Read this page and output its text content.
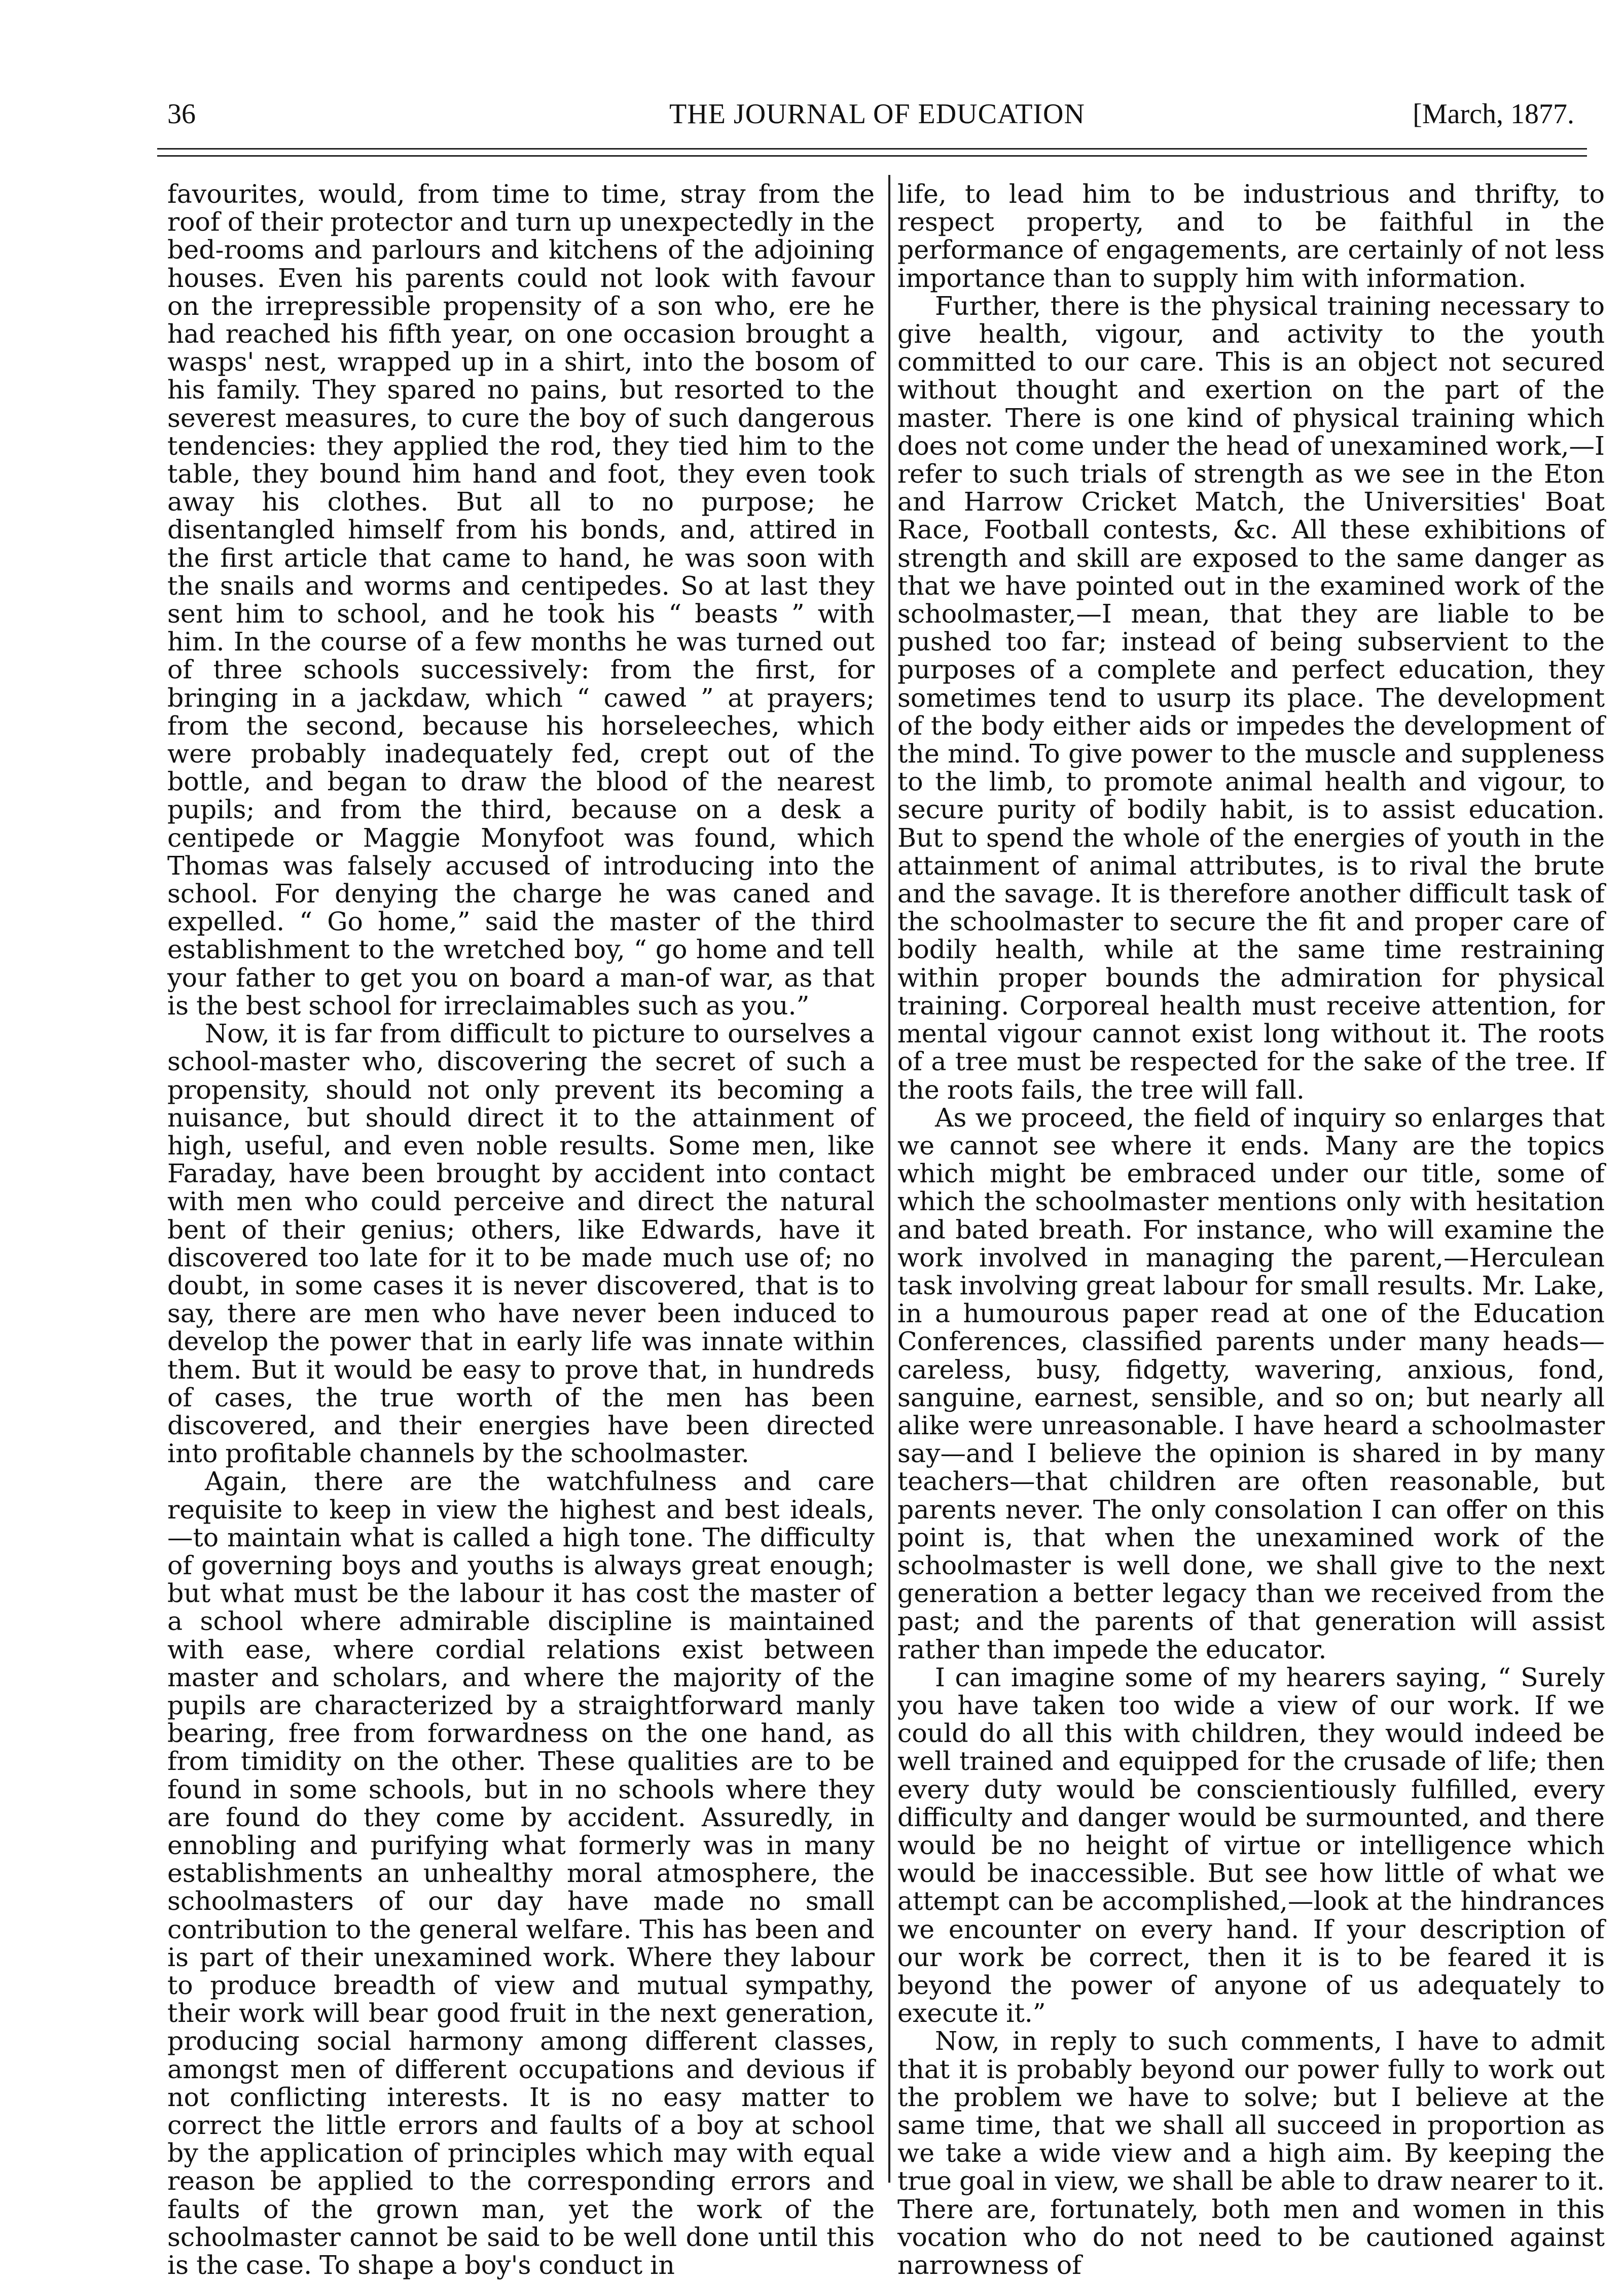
36	THE JOURNAL OF EDUCATION	[March, 1877.

favourites, would, from time to time, stray from the roof of their protector and turn up unexpectedly in the bed-rooms and parlours and kitchens of the adjoining houses. Even his parents could not look with favour on the irrepressible propensity of a son who, ere he had reached his fifth year, on one occasion brought a wasps' nest, wrapped up in a shirt, into the bosom of his family. They spared no pains, but resorted to the severest measures, to cure the boy of such dangerous tendencies: they applied the rod, they tied him to the table, they bound him hand and foot, they even took away his clothes. But all to no purpose; he disentangled himself from his bonds, and, attired in the first article that came to hand, he was soon with the snails and worms and centipedes. So at last they sent him to school, and he took his “ beasts ” with him. In the course of a few months he was turned out of three schools successively: from the first, for bringing in a jackdaw, which “ cawed ” at prayers; from the second, because his horseleeches, which were probably inadequately fed, crept out of the bottle, and began to draw the blood of the nearest pupils; and from the third, because on a desk a centipede or Maggie Monyfoot was found, which Thomas was falsely accused of introducing into the school. For denying the charge he was caned and expelled. “ Go home,” said the master of the third establishment to the wretched boy, “ go home and tell your father to get you on board a man-of war, as that is the best school for irreclaimables such as you.”

Now, it is far from difficult to picture to ourselves a school-master who, discovering the secret of such a propensity, should not only prevent its becoming a nuisance, but should direct it to the attainment of high, useful, and even noble results. Some men, like Faraday, have been brought by accident into contact with men who could perceive and direct the natural bent of their genius; others, like Edwards, have it discovered too late for it to be made much use of; no doubt, in some cases it is never discovered, that is to say, there are men who have never been induced to develop the power that in early life was innate within them. But it would be easy to prove that, in hundreds of cases, the true worth of the men has been discovered, and their energies have been directed into profitable channels by the schoolmaster.

Again, there are the watchfulness and care requisite to keep in view the highest and best ideals,—to maintain what is called a high tone. The difficulty of governing boys and youths is always great enough; but what must be the labour it has cost the master of a school where admirable discipline is maintained with ease, where cordial relations exist between master and scholars, and where the majority of the pupils are characterized by a straightforward manly bearing, free from forwardness on the one hand, as from timidity on the other. These qualities are to be found in some schools, but in no schools where they are found do they come by accident. Assuredly, in ennobling and purifying what formerly was in many establishments an unhealthy moral atmosphere, the schoolmasters of our day have made no small contribution to the general welfare. This has been and is part of their unexamined work. Where they labour to produce breadth of view and mutual sympathy, their work will bear good fruit in the next generation, producing social harmony among different classes, amongst men of different occupations and devious if not conflicting interests. It is no easy matter to correct the little errors and faults of a boy at school by the application of principles which may with equal reason be applied to the corresponding errors and faults of the grown man, yet the work of the schoolmaster cannot be said to be well done until this is the case. To shape a boy's conduct in

life, to lead him to be industrious and thrifty, to respect property, and to be faithful in the performance of engagements, are certainly of not less importance than to supply him with information.

Further, there is the physical training necessary to give health, vigour, and activity to the youth committed to our care. This is an object not secured without thought and exertion on the part of the master. There is one kind of physical training which does not come under the head of unexamined work,—I refer to such trials of strength as we see in the Eton and Harrow Cricket Match, the Universities' Boat Race, Football contests, &c. All these exhibitions of strength and skill are exposed to the same danger as that we have pointed out in the examined work of the schoolmaster,—I mean, that they are liable to be pushed too far; instead of being subservient to the purposes of a complete and perfect education, they sometimes tend to usurp its place. The development of the body either aids or impedes the development of the mind. To give power to the muscle and suppleness to the limb, to promote animal health and vigour, to secure purity of bodily habit, is to assist education. But to spend the whole of the energies of youth in the attainment of animal attributes, is to rival the brute and the savage. It is therefore another difficult task of the schoolmaster to secure the fit and proper care of bodily health, while at the same time restraining within proper bounds the admiration for physical training. Corporeal health must receive attention, for mental vigour cannot exist long without it. The roots of a tree must be respected for the sake of the tree. If the roots fails, the tree will fall.

As we proceed, the field of inquiry so enlarges that we cannot see where it ends. Many are the topics which might be embraced under our title, some of which the schoolmaster mentions only with hesitation and bated breath. For instance, who will examine the work involved in managing the parent,—Herculean task involving great labour for small results. Mr. Lake, in a humourous paper read at one of the Education Conferences, classified parents under many heads—careless, busy, fidgetty, wavering, anxious, fond, sanguine, earnest, sensible, and so on; but nearly all alike were unreasonable. I have heard a schoolmaster say—and I believe the opinion is shared in by many teachers—that children are often reasonable, but parents never. The only consolation I can offer on this point is, that when the unexamined work of the schoolmaster is well done, we shall give to the next generation a better legacy than we received from the past; and the parents of that generation will assist rather than impede the educator.

I can imagine some of my hearers saying, “ Surely you have taken too wide a view of our work. If we could do all this with children, they would indeed be well trained and equipped for the crusade of life; then every duty would be conscientiously fulfilled, every difficulty and danger would be surmounted, and there would be no height of virtue or intelligence which would be inaccessible. But see how little of what we attempt can be accomplished,—look at the hindrances we encounter on every hand. If your description of our work be correct, then it is to be feared it is beyond the power of anyone of us adequately to execute it.”

Now, in reply to such comments, I have to admit that it is probably beyond our power fully to work out the problem we have to solve; but I believe at the same time, that we shall all succeed in proportion as we take a wide view and a high aim. By keeping the true goal in view, we shall be able to draw nearer to it. There are, fortunately, both men and women in this vocation who do not need to be cautioned against narrowness of
